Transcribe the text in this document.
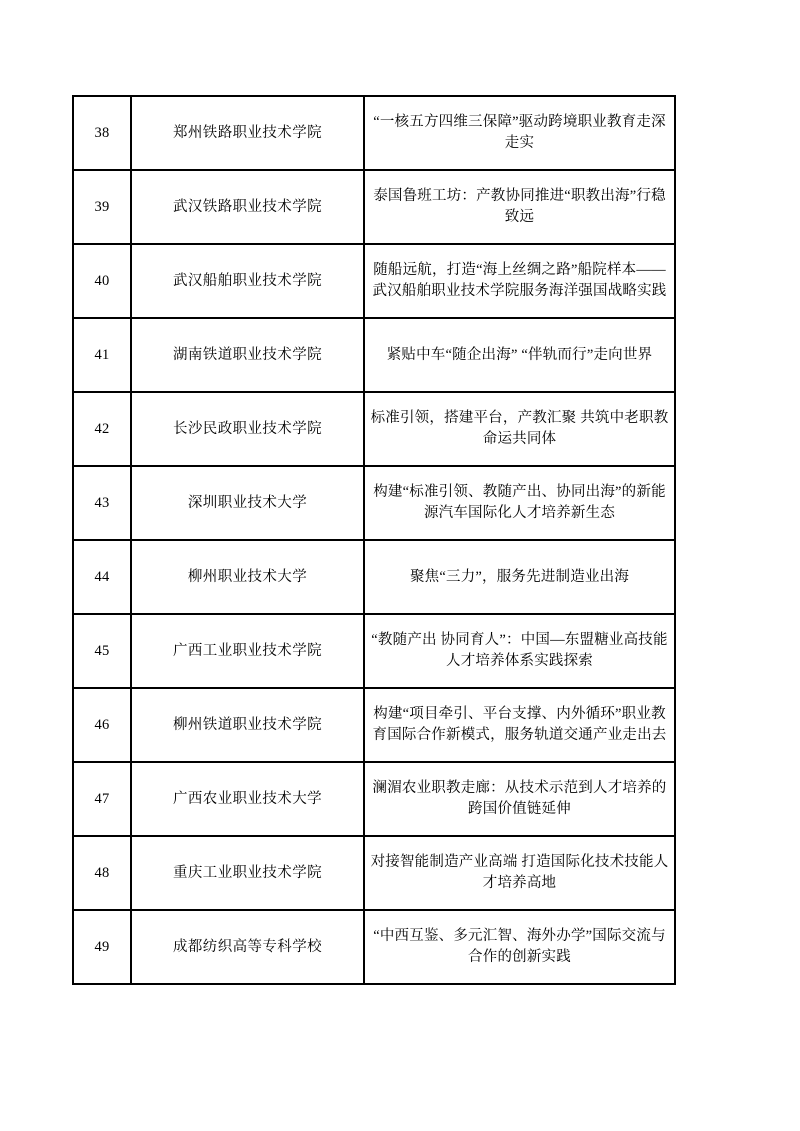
38	郑州铁路职业技术学院	“一核五方四维三保障”驱动跨境职业教育走深走实
39	武汉铁路职业技术学院	泰国鲁班工坊：产教协同推进“职教出海”行稳致远
40	武汉船舶职业技术学院	随船远航，打造“海上丝绸之路”船院样本——武汉船舶职业技术学院服务海洋强国战略实践
41	湖南铁道职业技术学院	紧贴中车“随企出海” “伴轨而行”走向世界
42	长沙民政职业技术学院	标准引领，搭建平台，产教汇聚 共筑中老职教命运共同体
43	深圳职业技术大学	构建“标准引领、教随产出、协同出海”的新能源汽车国际化人才培养新生态
44	柳州职业技术大学	聚焦“三力”，服务先进制造业出海
45	广西工业职业技术学院	“教随产出 协同育人”：中国—东盟糖业高技能人才培养体系实践探索
46	柳州铁道职业技术学院	构建“项目牵引、平台支撑、内外循环”职业教育国际合作新模式，服务轨道交通产业走出去
47	广西农业职业技术大学	澜湄农业职教走廊：从技术示范到人才培养的跨国价值链延伸
48	重庆工业职业技术学院	对接智能制造产业高端 打造国际化技术技能人才培养高地
49	成都纺织高等专科学校	“中西互鉴、多元汇智、海外办学”国际交流与合作的创新实践
